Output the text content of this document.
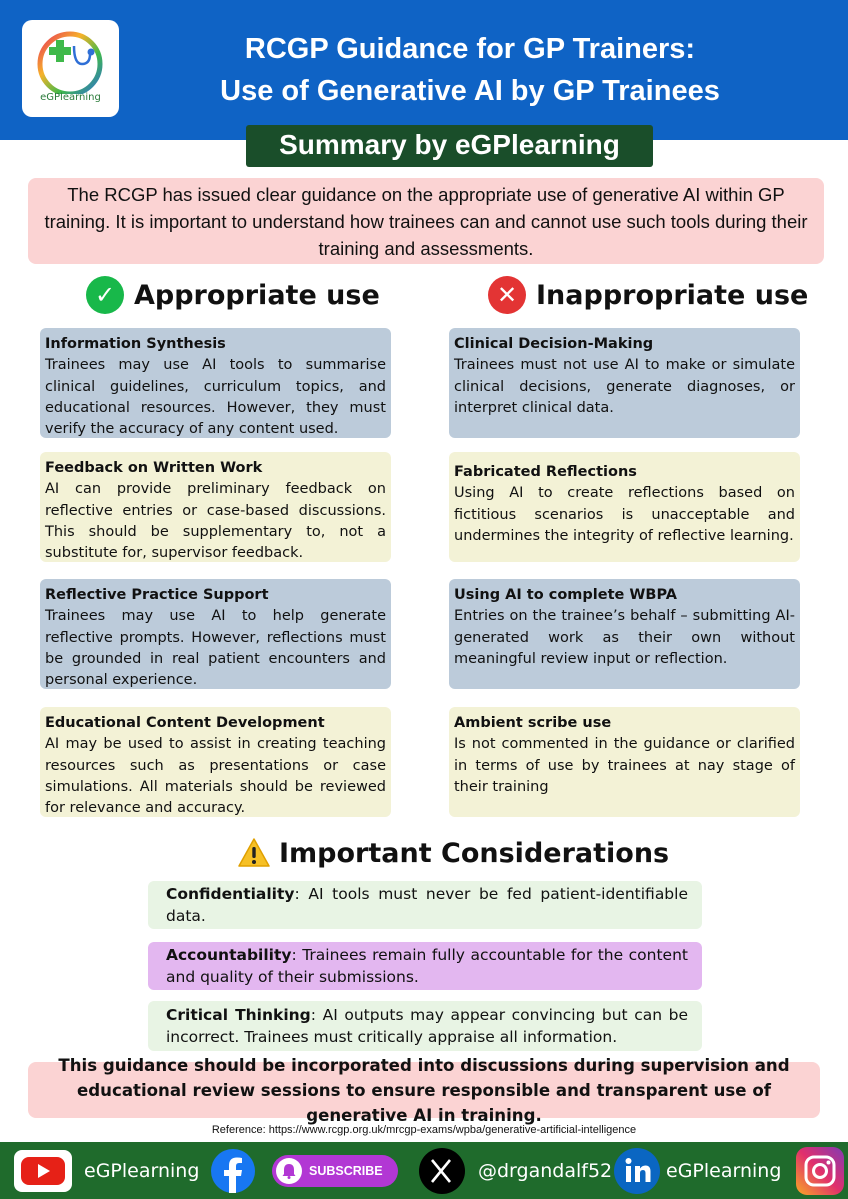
eGPlearning
RCGP Guidance for GP Trainers:
Use of Generative AI by GP Trainees
Summary by eGPlearning
The RCGP has issued clear guidance on the appropriate use of generative AI within GP training. It is important to understand how trainees can and cannot use such tools during their training and assessments.
✓ Appropriate use	✕ Inappropriate use
Information Synthesis
Trainees may use AI tools to summarise clinical guidelines, curriculum topics, and educational resources. However, they must verify the accuracy of any content used.
Feedback on Written Work
AI can provide preliminary feedback on reflective entries or case-based discussions. This should be supplementary to, not a substitute for, supervisor feedback.
Reflective Practice Support
Trainees may use AI to help generate reflective prompts. However, reflections must be grounded in real patient encounters and personal experience.
Educational Content Development
AI may be used to assist in creating teaching resources such as presentations or case simulations. All materials should be reviewed for relevance and accuracy.
Clinical Decision-Making
Trainees must not use AI to make or simulate clinical decisions, generate diagnoses, or interpret clinical data.
Fabricated Reflections
Using AI to create reflections based on fictitious scenarios is unacceptable and undermines the integrity of reflective learning.
Using AI to complete WBPA
Entries on the trainee’s behalf – submitting AI-generated work as their own without meaningful review input or reflection.
Ambient scribe use
Is not commented in the guidance or clarified in terms of use by trainees at nay stage of their training
Important Considerations
Confidentiality: AI tools must never be fed patient-identifiable data.
Accountability: Trainees remain fully accountable for the content and quality of their submissions.
Critical Thinking: AI outputs may appear convincing but can be incorrect. Trainees must critically appraise all information.
This guidance should be incorporated into discussions during supervision and educational review sessions to ensure responsible and transparent use of generative AI in training.
Reference: https://www.rcgp.org.uk/mrcgp-exams/wpba/generative-artificial-intelligence
eGPlearning	SUBSCRIBE	@drgandalf52	eGPlearning
